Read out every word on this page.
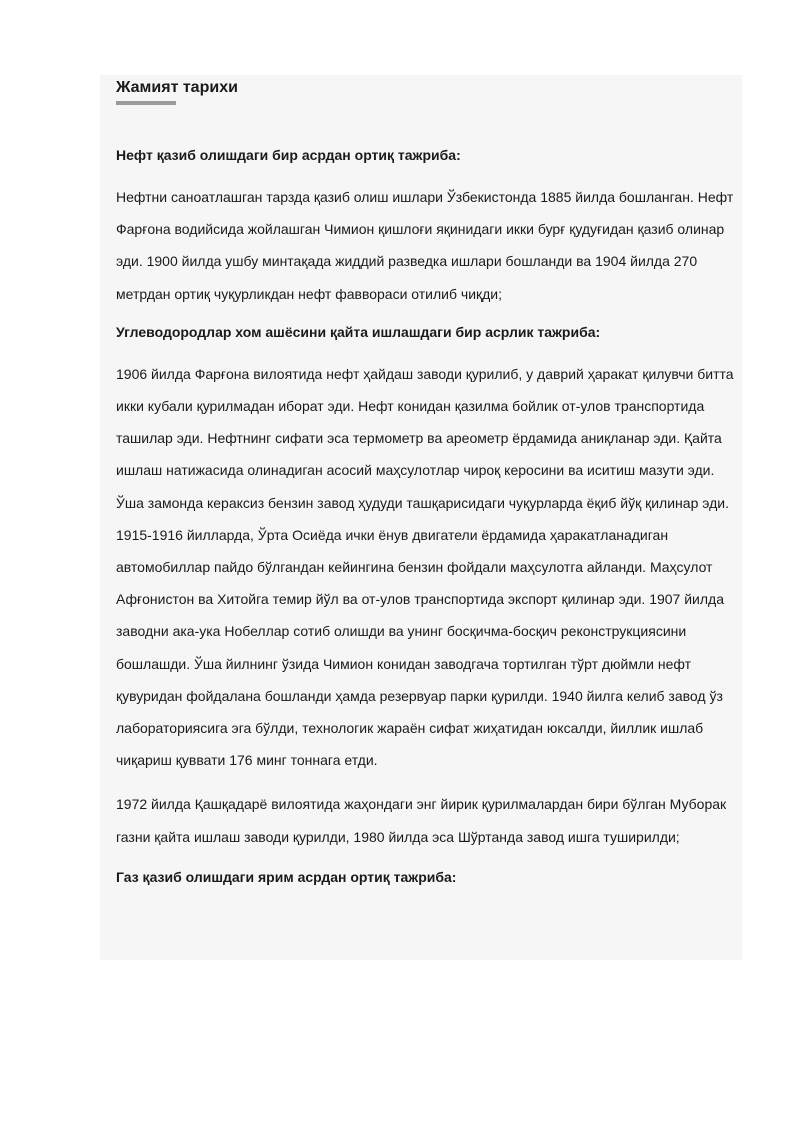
Жамият тарихи
Нефт қазиб олишдаги бир асрдан ортиқ тажриба:

Нефтни саноатлашган тарзда қазиб олиш ишлари Ўзбекистонда 1885 йилда бошланган. Нефт Фарғона водийсида жойлашган Чимион қишлоғи яқинидаги икки бурғ қудуғидан қазиб олинар эди. 1900 йилда ушбу минтақада жиддий разведка ишлари бошланди ва 1904 йилда 270 метрдан ортиқ чуқурликдан нефт фаввораси отилиб чиқди;

Углеводородлар хом ашёсини қайта ишлашдаги бир асрлик тажриба:

1906 йилда Фарғона вилоятида нефт ҳайдаш заводи қурилиб, у даврий ҳаракат қилувчи битта икки кубали қурилмадан иборат эди. Нефт конидан қазилма бойлик от-улов транспортида ташилар эди. Нефтнинг сифати эса термометр ва ареометр ёрдамида аниқланар эди. Қайта ишлаш натижасида олинадиган асосий маҳсулотлар чироқ керосини ва иситиш мазути эди. Ўша замонда кераксиз бензин завод ҳудуди ташқарисидаги чуқурларда ёқиб йўқ қилинар эди. 1915-1916 йилларда, Ўрта Осиёда ички ёнув двигатели ёрдамида ҳаракатланадиган автомобиллар пайдо бўлгандан кейингина бензин фойдали маҳсулотга айланди. Маҳсулот Афғонистон ва Хитойга темир йўл ва от-улов транспортида экспорт қилинар эди. 1907 йилда заводни ака-ука Нобеллар сотиб олишди ва унинг босқичма-босқич реконструкциясини бошлашди. Ўша йилнинг ўзида Чимион конидан заводгача тортилган тўрт дюймли нефт қувуридан фойдалана бошланди ҳамда резервуар парки қурилди. 1940 йилга келиб завод ўз лабораториясига эга бўлди, технологик жараён сифат жиҳатидан юксалди, йиллик ишлаб чиқариш қуввати 176 минг тоннага етди.

1972 йилда Қашқадарё вилоятида жаҳондаги энг йирик қурилмалардан бири бўлган Муборак газни қайта ишлаш заводи қурилди, 1980 йилда эса Шўртанда завод ишга туширилди;

Газ қазиб олишдаги ярим асрдан ортиқ тажриба:
